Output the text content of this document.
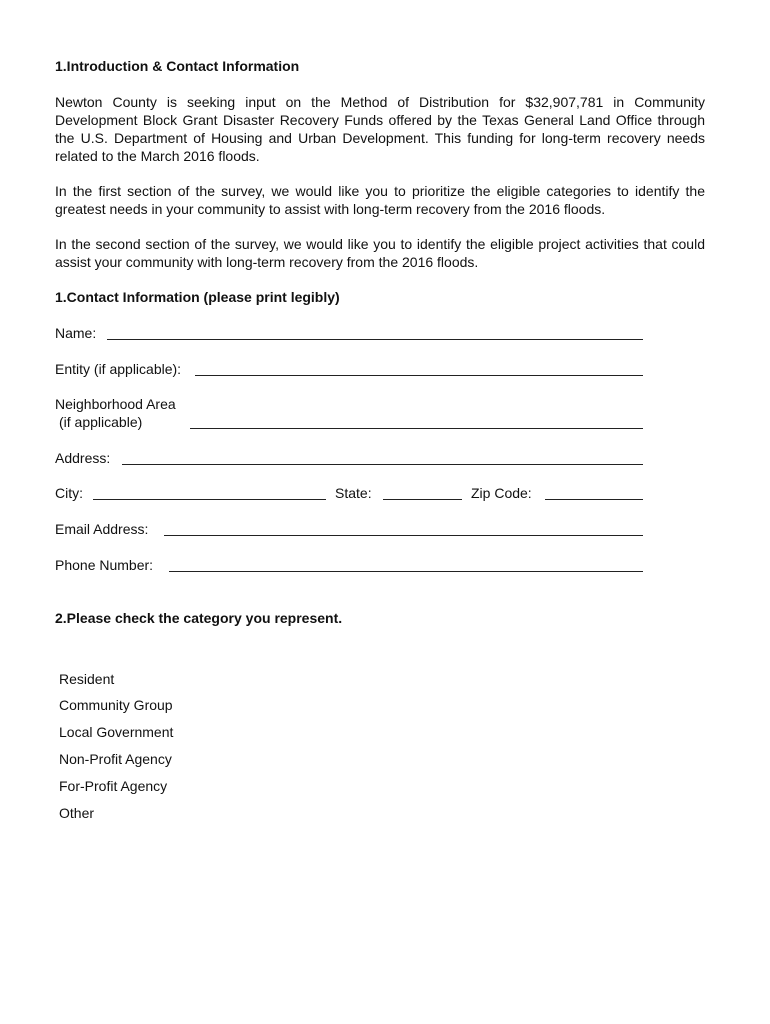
1.Introduction & Contact Information
Newton County is seeking input on the Method of Distribution for $32,907,781 in Community Development Block Grant Disaster Recovery Funds offered by the Texas General Land Office through the U.S. Department of Housing and Urban Development. This funding for long-term recovery needs related to the March 2016 floods.
In the first section of the survey, we would like you to prioritize the eligible categories to identify the greatest needs in your community to assist with long-term recovery from the 2016 floods.
In the second section of the survey, we would like you to identify the eligible project activities that could assist your community with long-term recovery from the 2016 floods.
1.Contact Information (please print legibly)
Name:
Entity (if applicable):
Neighborhood Area
(if applicable)
Address:
City:	State:	Zip Code:
Email Address:
Phone Number:
2.Please check the category you represent.
Resident
Community Group
Local Government
Non-Profit Agency
For-Profit Agency
Other
